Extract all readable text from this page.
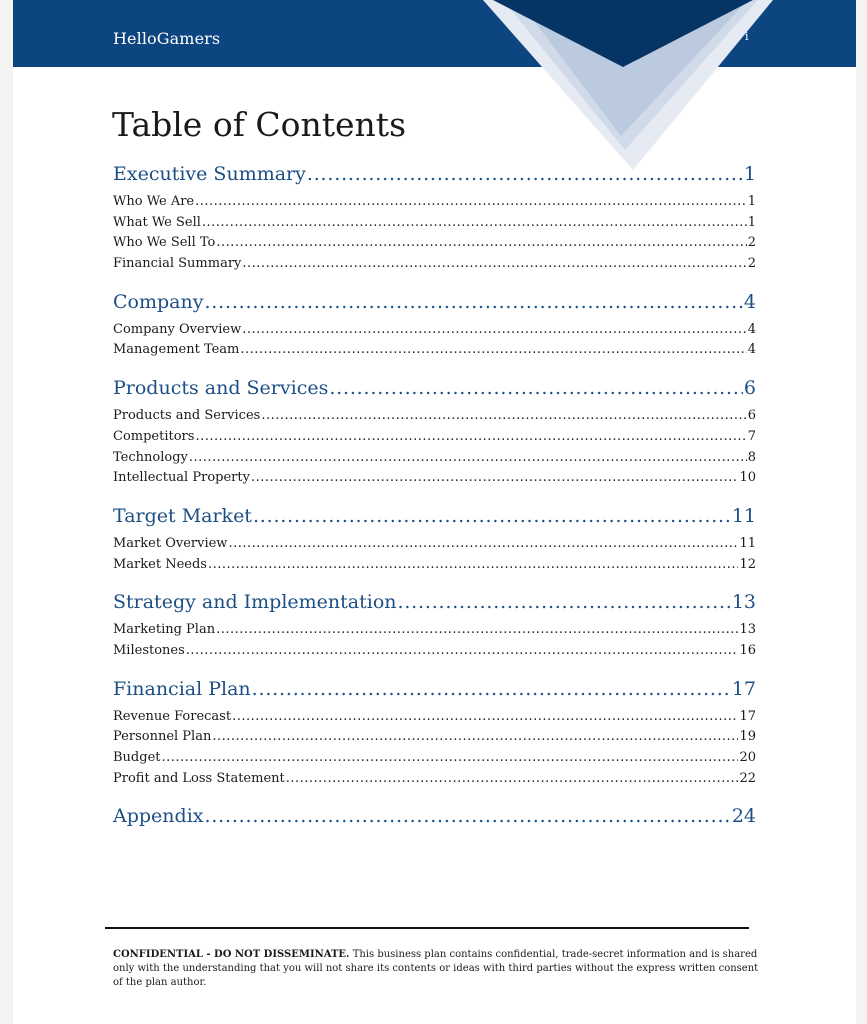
HelloGamers	i
Table of Contents
Executive Summary .....	1
Who We Are .....	1
What We Sell .....	1
Who We Sell To .....	2
Financial Summary .....	2
Company .....	4
Company Overview .....	4
Management Team .....	4
Products and Services .....	6
Products and Services .....	6
Competitors .....	7
Technology .....	8
Intellectual Property .....	10
Target Market .....	11
Market Overview .....	11
Market Needs .....	12
Strategy and Implementation .....	13
Marketing Plan .....	13
Milestones .....	16
Financial Plan .....	17
Revenue Forecast .....	17
Personnel Plan .....	19
Budget .....	20
Profit and Loss Statement .....	22
Appendix .....	24
CONFIDENTIAL - DO NOT DISSEMINATE. This business plan contains confidential, trade-secret information and is shared only with the understanding that you will not share its contents or ideas with third parties without the express written consent of the plan author.
